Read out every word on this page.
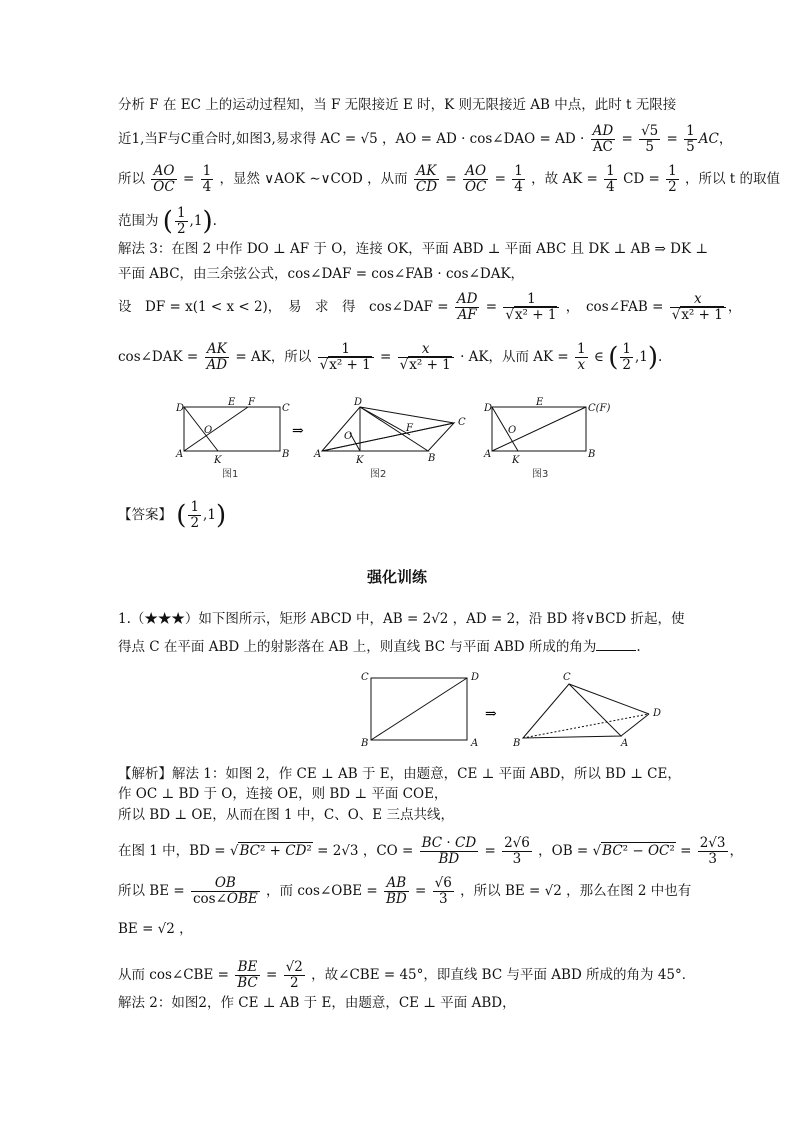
分析 F 在 EC 上的运动过程知，当 F 无限接近 E 时，K 则无限接近 AB 中点，此时 t 无限接
近1,当F与C重合时,如图3,易求得 AC = √5 ，AO = AD · cos∠DAO = AD · $\frac{AD}{AC} = \frac{√5}{5} = \frac{1}{5}$ AC，
所以 $\frac{AO}{OC} = \frac{1}{4}$ ，显然 ∨AOK ∼∨COD ，从而 $\frac{AK}{CD} = \frac{AO}{OC} = \frac{1}{4}$ ，故 AK = $\frac{1}{4}$ CD = $\frac{1}{2}$ ，所以 t 的取值
范围为 ( $\frac{1}{2} ,1$).
解法 3：在图 2 中作 DO ⊥ AF 于 O，连接 OK，平面 ABD ⊥ 平面 ABC 且 DK ⊥ AB ⇒ DK ⊥
平面 ABC，由三余弦公式，cos∠DAF = cos∠FAB · cos∠DAK，
设　DF = x(1 < x < 2)，　易　求　得　cos∠DAF = $\frac{AD}{AF} = \frac{1}{\text{√x² + 1}}$ ，　cos∠FAB = $\frac{x}{\text{√x² + 1}}$ ，
cos∠DAK = $\frac{AK}{AD}$ = AK，所以 $\frac{1}{\text{√x² + 1}} = \frac{x}{\text{√x² + 1}}$ · AK，从而 AK = $\frac{1}{x}$ ∈ ( $\frac{1}{2} ,1$).
D
E F
C
A
K
B
O
图1
⇒
D
C
A
K	B
O
F
图2
D
E
C(F)
A
K
B
O
图3
【答案】 ( $\frac{1}{2} ,1$)
强化训练
1.（★★★）如下图所示，矩形 ABCD 中，AB = 2√2 ，AD = 2，沿 BD 将∨BCD 折起，使
得点 C 在平面 ABD 上的射影落在 AB 上，则直线 BC 与平面 ABD 所成的角为	.
C	D
B	A
⇒
C
D
B	A
【解析】解法 1：如图 2，作 CE ⊥ AB 于 E，由题意，CE ⊥ 平面 ABD，所以 BD ⊥ CE，
作 OC ⊥ BD 于 O，连接 OE，则 BD ⊥ 平面 COE，
所以 BD ⊥ OE，从而在图 1 中，C、O、E 三点共线，
在图 1 中，BD = √BC² + CD² = 2√3 ，CO = $\frac{BC \cdot CD}{BD} = \frac{2√6}{3}$ ，OB = $√BC^2 - OC^2 = \frac{2√3}{3}$ ，
所以 BE = $\frac{OB}{\text{cos∠OBE}}$ ，而 cos∠OBE = $\frac{AB}{BD} = \frac{√6}{3}$ ，所以 BE = √2 ，那么在图 2 中也有
BE = √2 ，
从而 cos∠CBE = $\frac{BE}{BC} = \frac{√2}{2}$ ，故∠CBE = 45°，即直线 BC 与平面 ABD 所成的角为 45°．
解法 2：如图2，作 CE ⊥ AB 于 E，由题意，CE ⊥ 平面 ABD，
